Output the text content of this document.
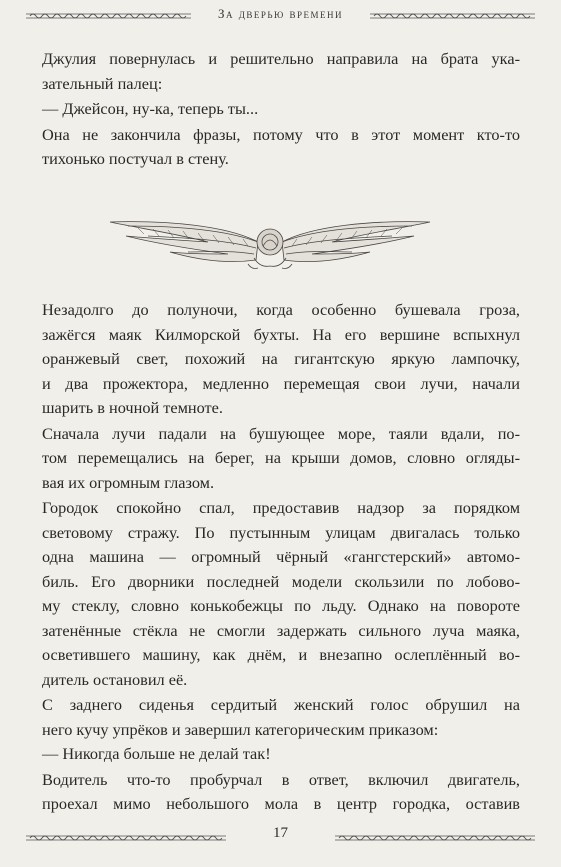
За дверью времени
Джулия повернулась и решительно направила на брата ука-
зательный палец:
— Джейсон, ну-ка, теперь ты...
Она не закончила фразы, потому что в этот момент кто-то
тихонько постучал в стену.
Незадолго до полуночи, когда особенно бушевала гроза,
зажёгся маяк Килморской бухты. На его вершине вспыхнул
оранжевый свет, похожий на гигантскую яркую лампочку,
и два прожектора, медленно перемещая свои лучи, начали
шарить в ночной темноте.
Сначала лучи падали на бушующее море, таяли вдали, по-
том перемещались на берег, на крыши домов, словно огляды-
вая их огромным глазом.
Городок спокойно спал, предоставив надзор за порядком
световому стражу. По пустынным улицам двигалась только
одна машина — огромный чёрный «гангстерский» автомо-
биль. Его дворники последней модели скользили по лобово-
му стеклу, словно конькобежцы по льду. Однако на повороте
затенённые стёкла не смогли задержать сильного луча маяка,
осветившего машину, как днём, и внезапно ослеплённый во-
дитель остановил её.
С заднего сиденья сердитый женский голос обрушил на
него кучу упрёков и завершил категорическим приказом:
— Никогда больше не делай так!
Водитель что-то пробурчал в ответ, включил двигатель,
проехал мимо небольшого мола в центр городка, оставив
17
